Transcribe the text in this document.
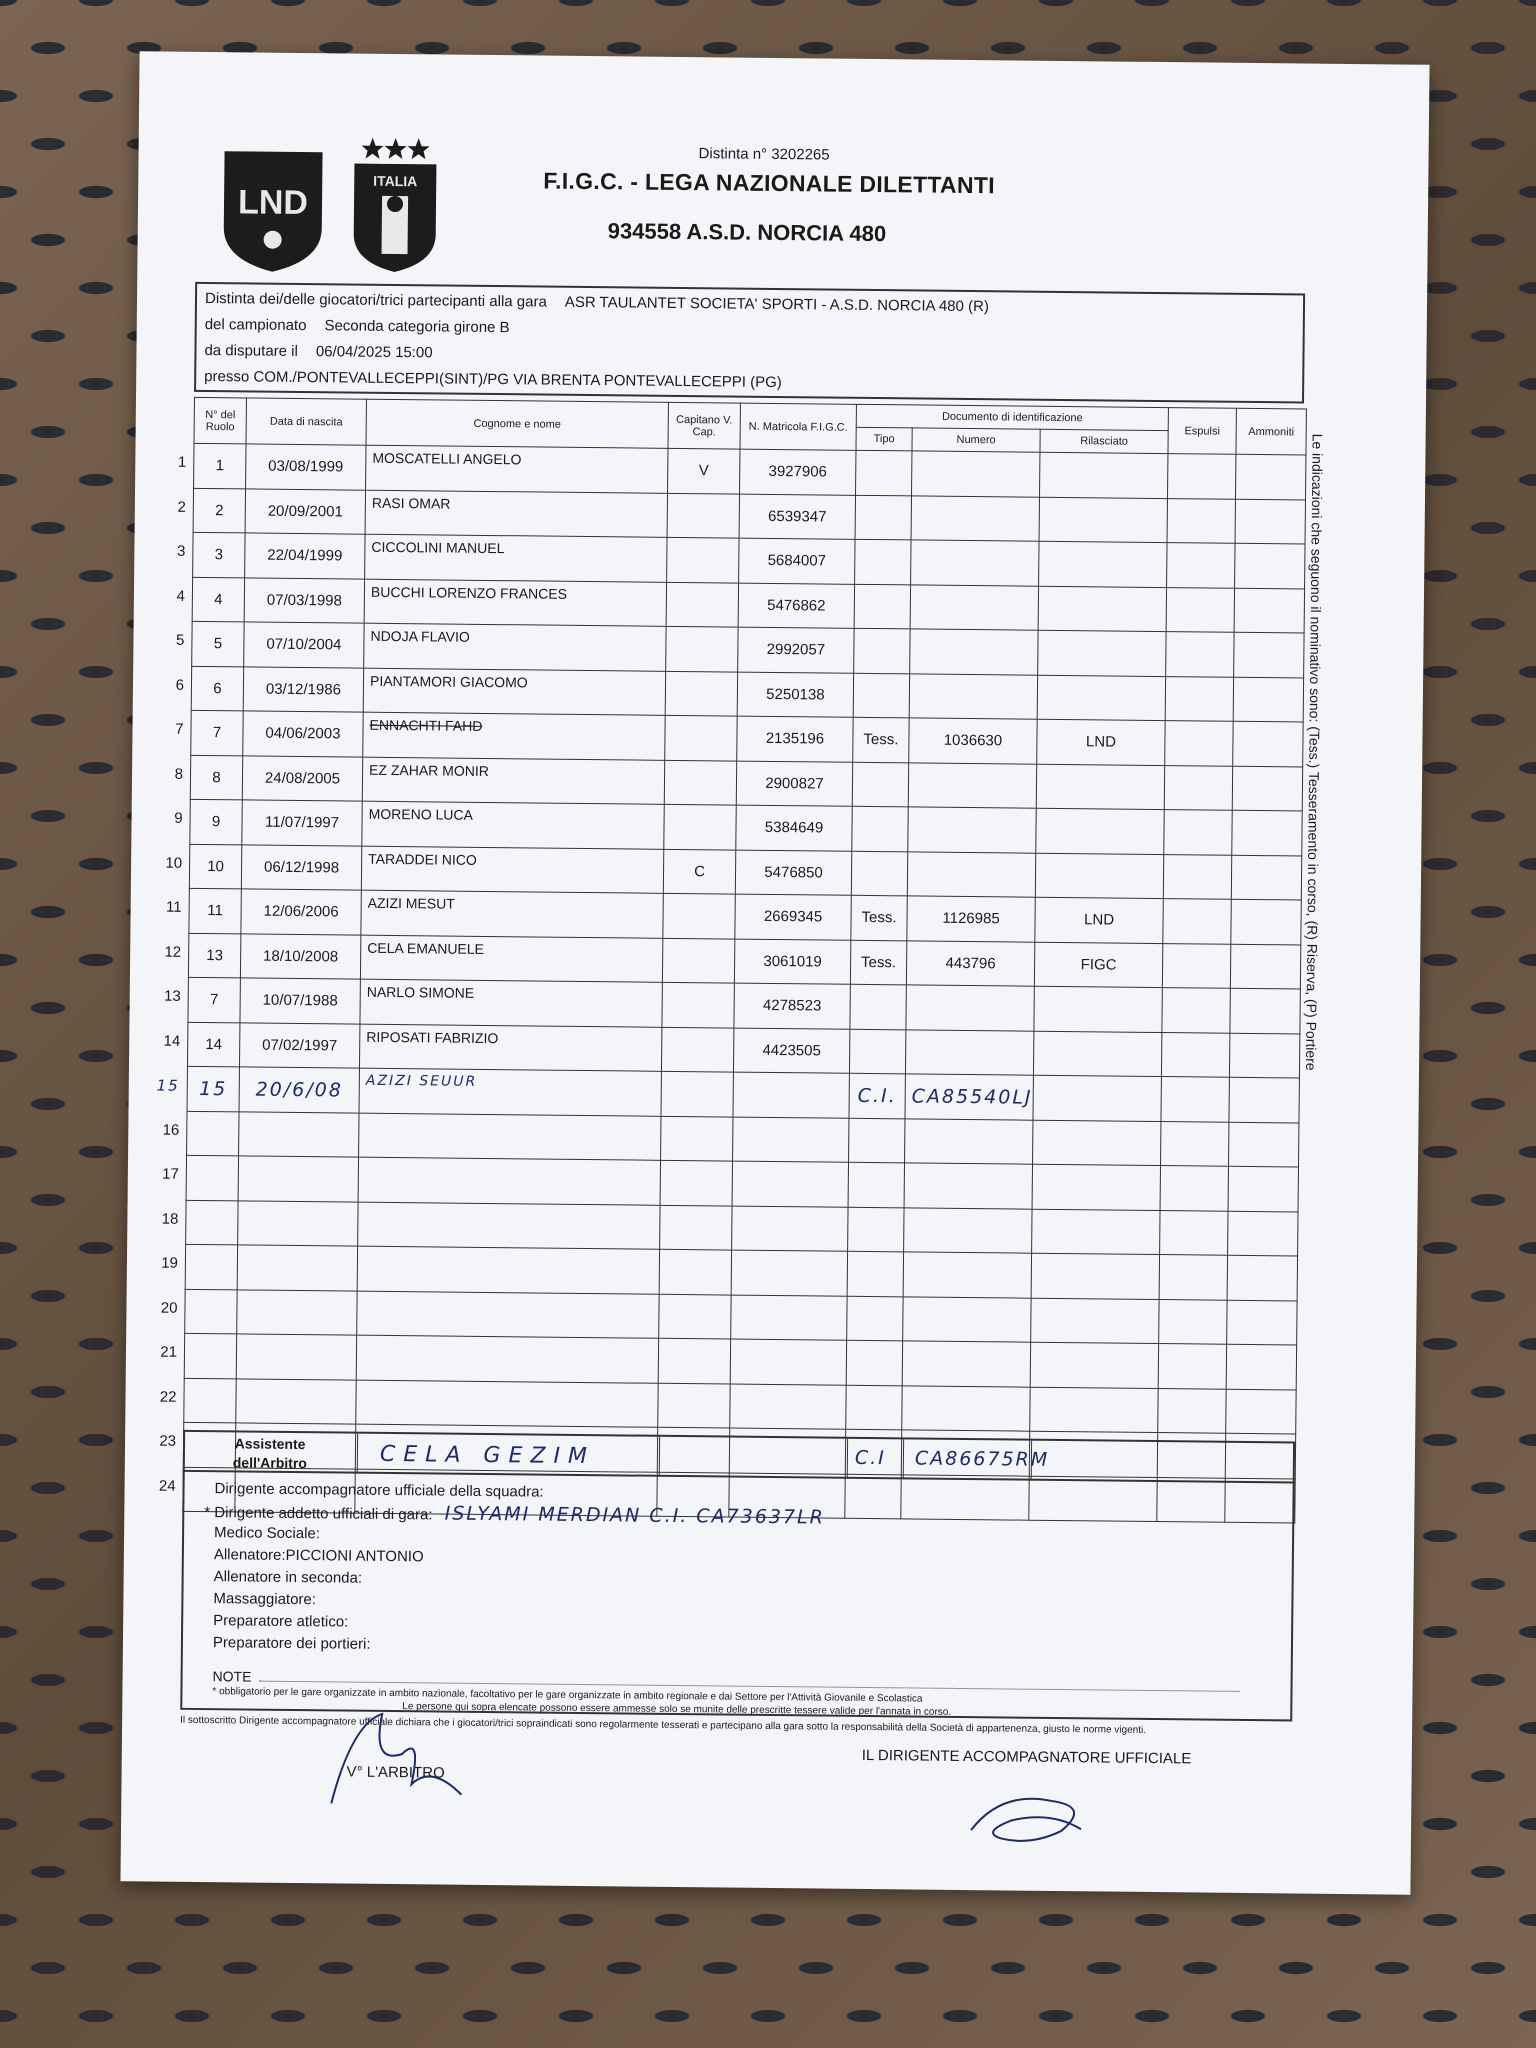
LND
ITALIA
Distinta n° 3202265
F.I.G.C. - LEGA NAZIONALE DILETTANTI
934558 A.S.D. NORCIA 480
Distinta dei/delle giocatori/trici partecipanti alla gara ASR TAULANTET SOCIETA' SPORTI - A.S.D. NORCIA 480 (R)
del campionato Seconda categoria girone B
da disputare il 06/04/2025 15:00
presso COM./PONTEVALLECEPPI(SINT)/PG VIA BRENTA PONTEVALLECEPPI (PG)
N° del Ruolo	Data di nascita	Cognome e nome	Capitano V. Cap.	N. Matricola F.I.G.C.	Documento di identificazione			Espulsi	Ammoniti
					Tipo	Numero	Rilasciato		

1 1	03/08/1999	MOSCATELLI ANGELO	V	3927906					

2 2	20/09/2001	RASI OMAR		6539347					

3 3	22/04/1999	CICCOLINI MANUEL		5684007					

4 4	07/03/1998	BUCCHI LORENZO FRANCES		5476862					

5 5	07/10/2004	NDOJA FLAVIO		2992057					

6 6	03/12/1986	PIANTAMORI GIACOMO		5250138					

7 7	04/06/2003	ENNACHTI FAHD		2135196	Tess.	1036630	LND		

8 8	24/08/2005	EZ ZAHAR MONIR		2900827					

9 9	11/07/1997	MORENO LUCA		5384649					

10 10	06/12/1998	TARADDEI NICO	C	5476850					

11 11	12/06/2006	AZIZI MESUT		2669345	Tess.	1126985	LND		

12 13	18/10/2008	CELA EMANUELE		3061019	Tess.	443796	FIGC		

13 7	10/07/1988	NARLO SIMONE		4278523					

14 14	07/02/1997	RIPOSATI FABRIZIO		4423505					

15 15	20/6/08	AZIZI SEUUR			C.I.	CA85540LJ			

16									

17									

18									

19									

20									

21									

22									

23									

24									

Le indicazioni che seguono il nominativo sono: (Tess.) Tesseramento in corso, (R) Riserva, (P) Portiere
Assistente dell'Arbitro	CELA GEZIM	C.I CA86675RM
Dirigente accompagnatore ufficiale della squadra:
* Dirigente addetto ufficiali di gara: ISLYAMI MERDIAN C.I. CA73637LR
Medico Sociale:
Allenatore:PICCIONI ANTONIO
Allenatore in seconda:
Massaggiatore:
Preparatore atletico:
Preparatore dei portieri:
NOTE
* obbligatorio per le gare organizzate in ambito nazionale, facoltativo per le gare organizzate in ambito regionale e dai Settore per l'Attività Giovanile e Scolastica
Le persone qui sopra elencate possono essere ammesse solo se munite delle prescritte tessere valide per l'annata in corso.
Il sottoscritto Dirigente accompagnatore ufficiale dichiara che i giocatori/trici sopraindicati sono regolarmente tesserati e partecipano alla gara sotto la responsabilità della Società di appartenenza, giusto le norme vigenti.
V° L'ARBITRO
IL DIRIGENTE ACCOMPAGNATORE UFFICIALE
